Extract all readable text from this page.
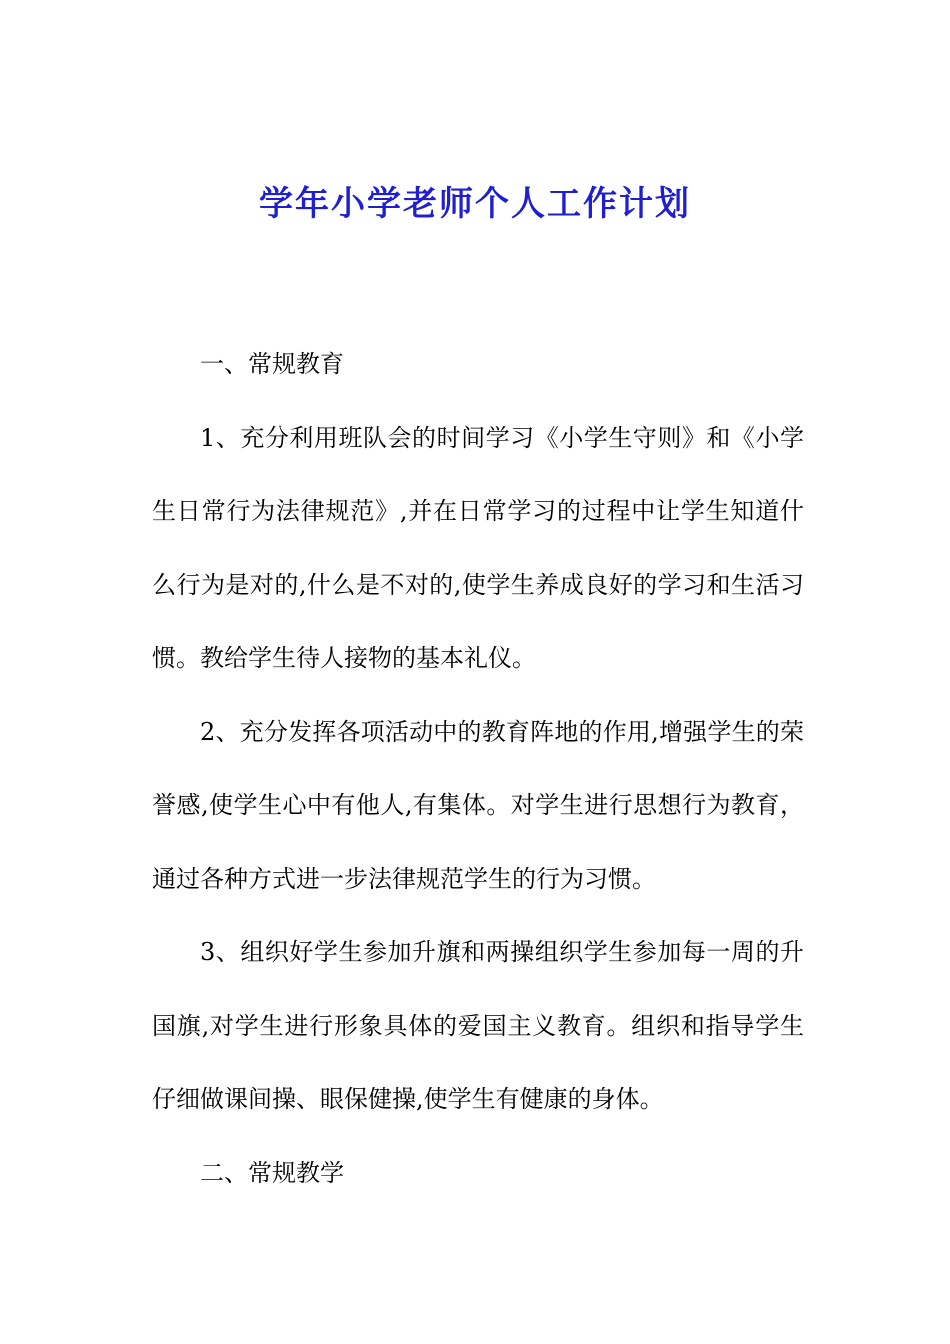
学年小学老师个人工作计划

一、常规教育

1、充分利用班队会的时间学习《小学生守则》和《小学生日常行为法律规范》,并在日常学习的过程中让学生知道什么行为是对的,什么是不对的,使学生养成良好的学习和生活习惯。教给学生待人接物的基本礼仪。

2、充分发挥各项活动中的教育阵地的作用,增强学生的荣誉感,使学生心中有他人,有集体。对学生进行思想行为教育，通过各种方式进一步法律规范学生的行为习惯。

3、组织好学生参加升旗和两操组织学生参加每一周的升国旗,对学生进行形象具体的爱国主义教育。组织和指导学生仔细做课间操、眼保健操,使学生有健康的身体。

二、常规教学
